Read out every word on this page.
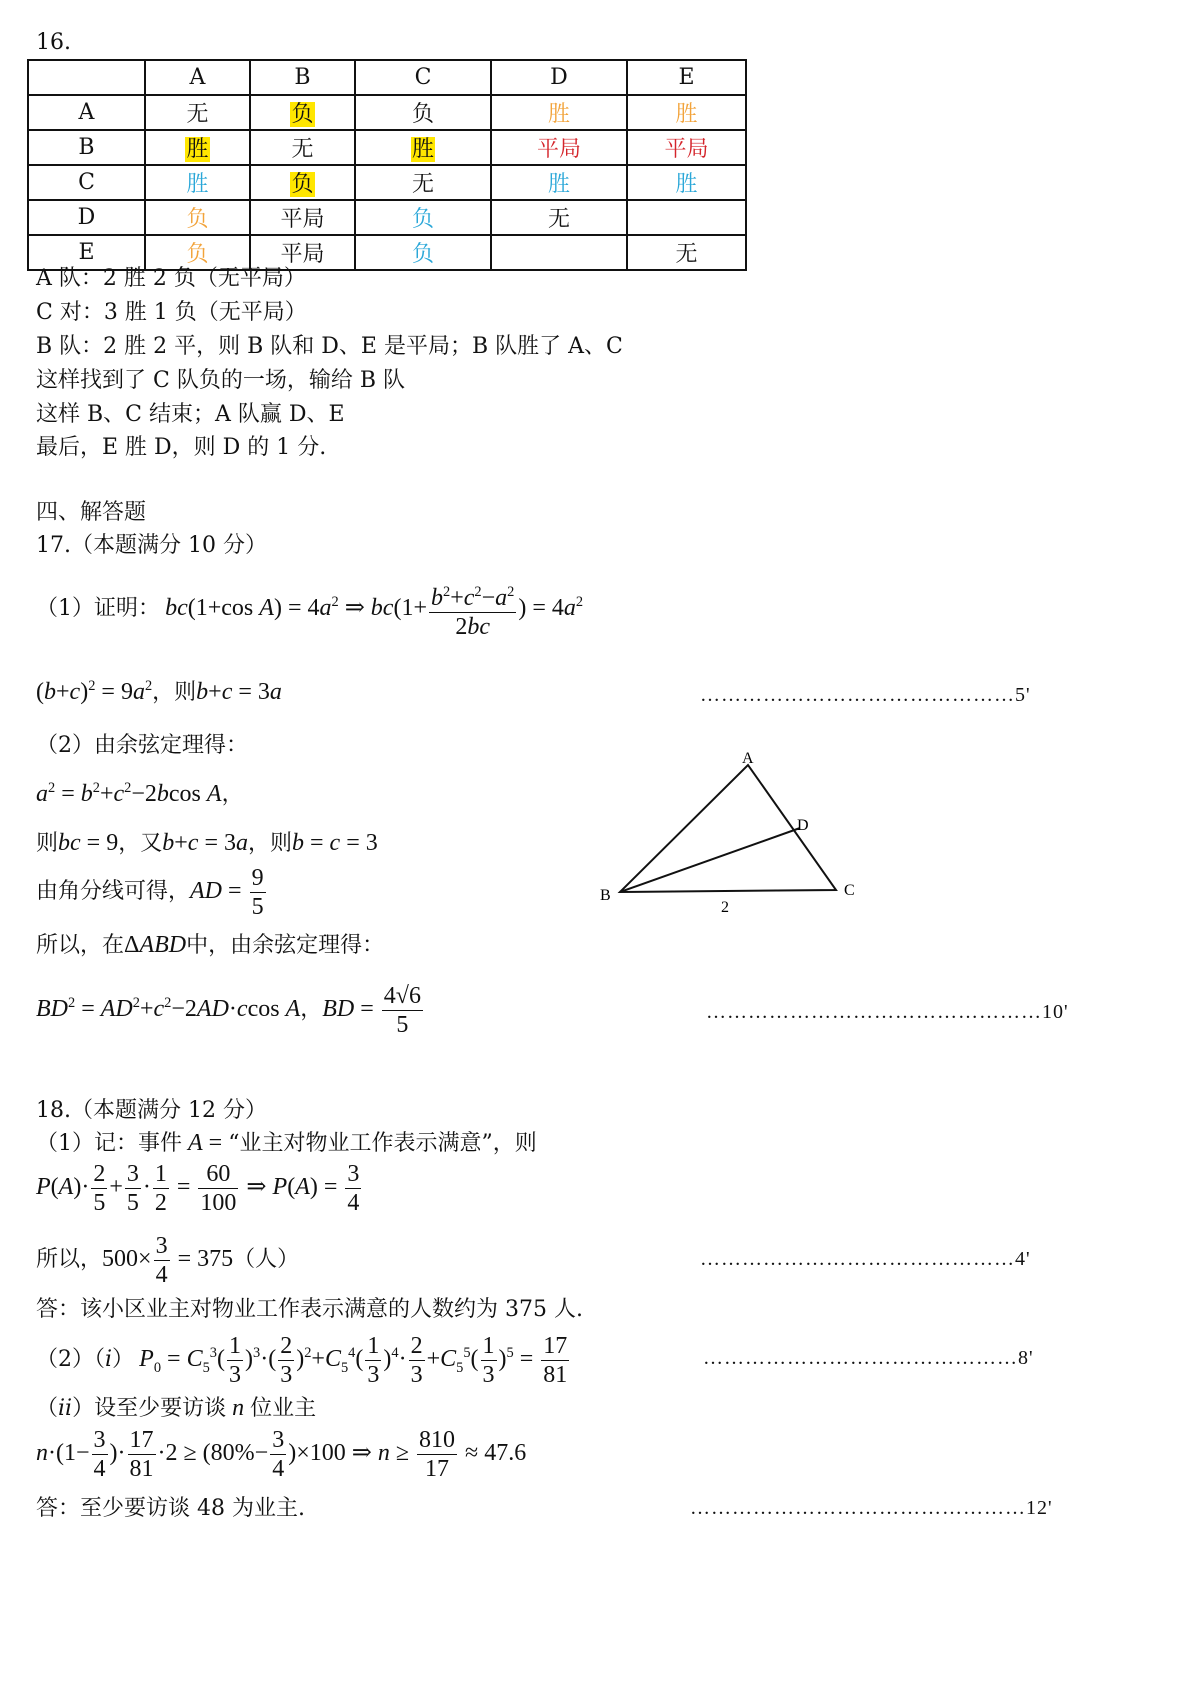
16.
	A	B	C	D	E
A	无	负	负	胜	胜
B	胜	无	胜	平局	平局
C	胜	负	无	胜	胜
D	负	平局	负	无	
E	负	平局	负		无
A 队：2 胜 2 负（无平局）
C 对：3 胜 1 负（无平局）
B 队：2 胜 2 平，则 B 队和 D、E 是平局；B 队胜了 A、C
这样找到了 C 队负的一场，输给 B 队
这样 B、C 结束；A 队赢 D、E
最后，E 胜 D，则 D 的 1 分.
四、解答题
17.（本题满分 10 分）
（1）证明： bc(1+cos $A) = 4a^2$ ⇒ $bc(1+ \frac{b^2+c^2-a^2}{2bc}$ ) = $4a^2$
$(b+c)^2 = 9a^2$，则b+c = 3a	………………………………………5'
（2）由余弦定理得：
$a^2 = b^2+c^2-2bcos$ A，
则bc = 9，又b+c = 3a，则b = c = 3
由角分线可得，AD = $\frac{9}{5}$
所以，在ΔABD中，由余弦定理得：
$BD^2 = AD^2+c^2-2AD\cdot ccos$ A，BD = $\frac{4√6}{5}$	…………………………………………10'
A
B	C
D
2
18.（本题满分 12 分）
（1）记：事件 A = “业主对物业工作表示满意”，则
$P(A)\cdot \frac{2}{5} + \frac{3}{5} \cdot \frac{1}{2} = \frac{60}{100}$ ⇒ $P(A) = \frac{3}{4}$
所以，$500\times \frac{3}{4} = 375$（人）	………………………………………4'
答：该小区业主对物业工作表示满意的人数约为 375 人.
（2）（i） $P_0 = C_5^3( \frac{1}{3} )^3\cdot( \frac{2}{3} )^2+C_5^4( \frac{1}{3} )^4\cdot \frac{2}{3} +C_5^5( \frac{1}{3} )^5 = \frac{17}{81}$	………………………………………8'
（ii）设至少要访谈 n 位业主
$n\cdot(1- \frac{3}{4}$ )· $\frac{17}{81} \cdot 2 \ge (80\%- \frac{3}{4} )\times 100$ ⇒ $n \ge \frac{810}{17} \approx 47.6$
答：至少要访谈 48 为业主.	…………………………………………12'
